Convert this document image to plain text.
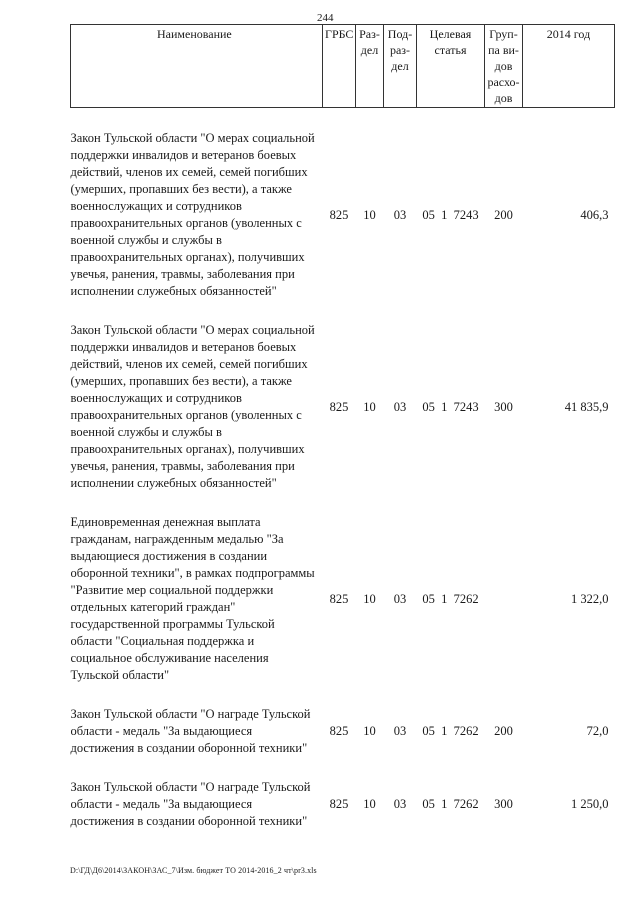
244
Наименование	ГРБС	Раз-дел	Под-раз-дел	Целевая статья	Груп-па ви-дов расхо-дов	2014 год

Закон Тульской области "О мерах социальной поддержки инвалидов и ветеранов боевых действий, членов их семей, семей погибших (умерших, пропавших без вести), а также военнослужащих и сотрудников правоохранительных органов (уволенных с военной службы и службы в правоохранительных органах), получивших увечья, ранения, травмы, заболевания при исполнении служебных обязанностей"	825	10	03	05 1 7243	200	406,3

Закон Тульской области "О мерах социальной поддержки инвалидов и ветеранов боевых действий, членов их семей, семей погибших (умерших, пропавших без вести), а также военнослужащих и сотрудников правоохранительных органов (уволенных с военной службы и службы в правоохранительных органах), получивших увечья, ранения, травмы, заболевания при исполнении служебных обязанностей"	825	10	03	05 1 7243	300	41 835,9

Единовременная денежная выплата гражданам, награжденным медалью "За выдающиеся достижения в создании оборонной техники", в рамках подпрограммы "Развитие мер социальной поддержки отдельных категорий граждан" государственной программы Тульской области "Социальная поддержка и социальное обслуживание населения Тульской области"	825	10	03	05 1 7262		1 322,0

Закон Тульской области "О награде Тульской области - медаль "За выдающиеся достижения в создании оборонной техники"	825	10	03	05 1 7262	200	72,0

Закон Тульской области "О награде Тульской области - медаль "За выдающиеся достижения в создании оборонной техники"	825	10	03	05 1 7262	300	1 250,0
D:\ГД\Д6\2014\ЗАКОН\ЗАС_7\Изм. бюджет ТО 2014-2016_2 чт\pr3.xls
